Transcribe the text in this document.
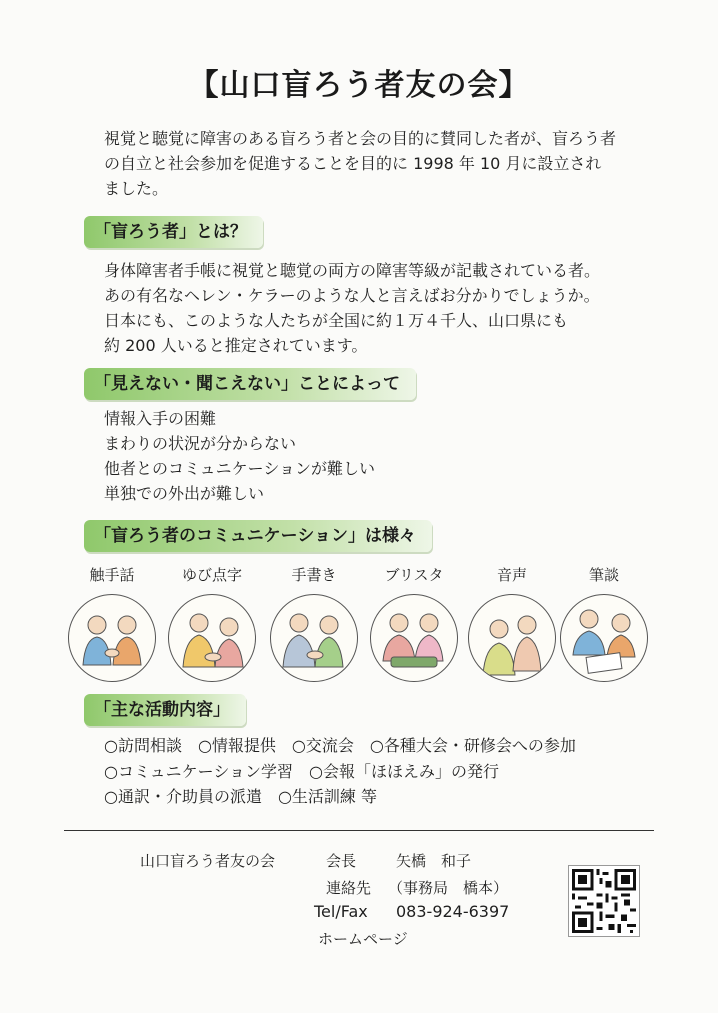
【山口盲ろう者友の会】

視覚と聴覚に障害のある盲ろう者と会の目的に賛同した者が、盲ろう者

の自立と社会参加を促進することを目的に 1998 年 10 月に設立され

ました。

「盲ろう者」とは？
身体障害者手帳に視覚と聴覚の両方の障害等級が記載されている者。
あの有名なヘレン・ケラーのような人と言えばお分かりでしょうか。
日本にも、このような人たちが全国に約１万４千人、山口県にも
約 200 人いると推定されています。
「見えない・聞こえない」ことによって
情報入手の困難
まわりの状況が分からない
他者とのコミュニケーションが難しい
単独での外出が難しい
「盲ろう者のコミュニケーション」は様々
触手話	ゆび点字	手書き	ブリスタ	音声	筆談
「主な活動内容」
○訪問相談　○情報提供　○交流会　○各種大会・研修会への参加
○コミュニケーション学習　○会報「ほほえみ」の発行
○通訳・介助員の派遣　○生活訓練 等
山口盲ろう者友の会	会長	矢橋　和子
連絡先 （事務局　橋本）
Tel/Fax 083-924-6397
ホームページ
